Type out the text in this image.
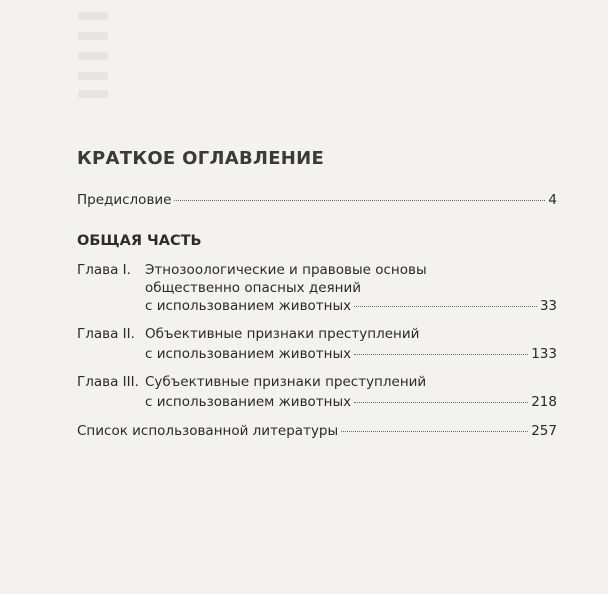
КРАТКОЕ ОГЛАВЛЕНИЕ
Предисловие	4
ОБЩАЯ ЧАСТЬ
Глава I. Этнозоологические и правовые основы
общественно опасных деяний
с использованием животных	33
Глава II. Объективные признаки преступлений
с использованием животных	133
Глава III. Субъективные признаки преступлений
с использованием животных	218
Список использованной литературы	257
